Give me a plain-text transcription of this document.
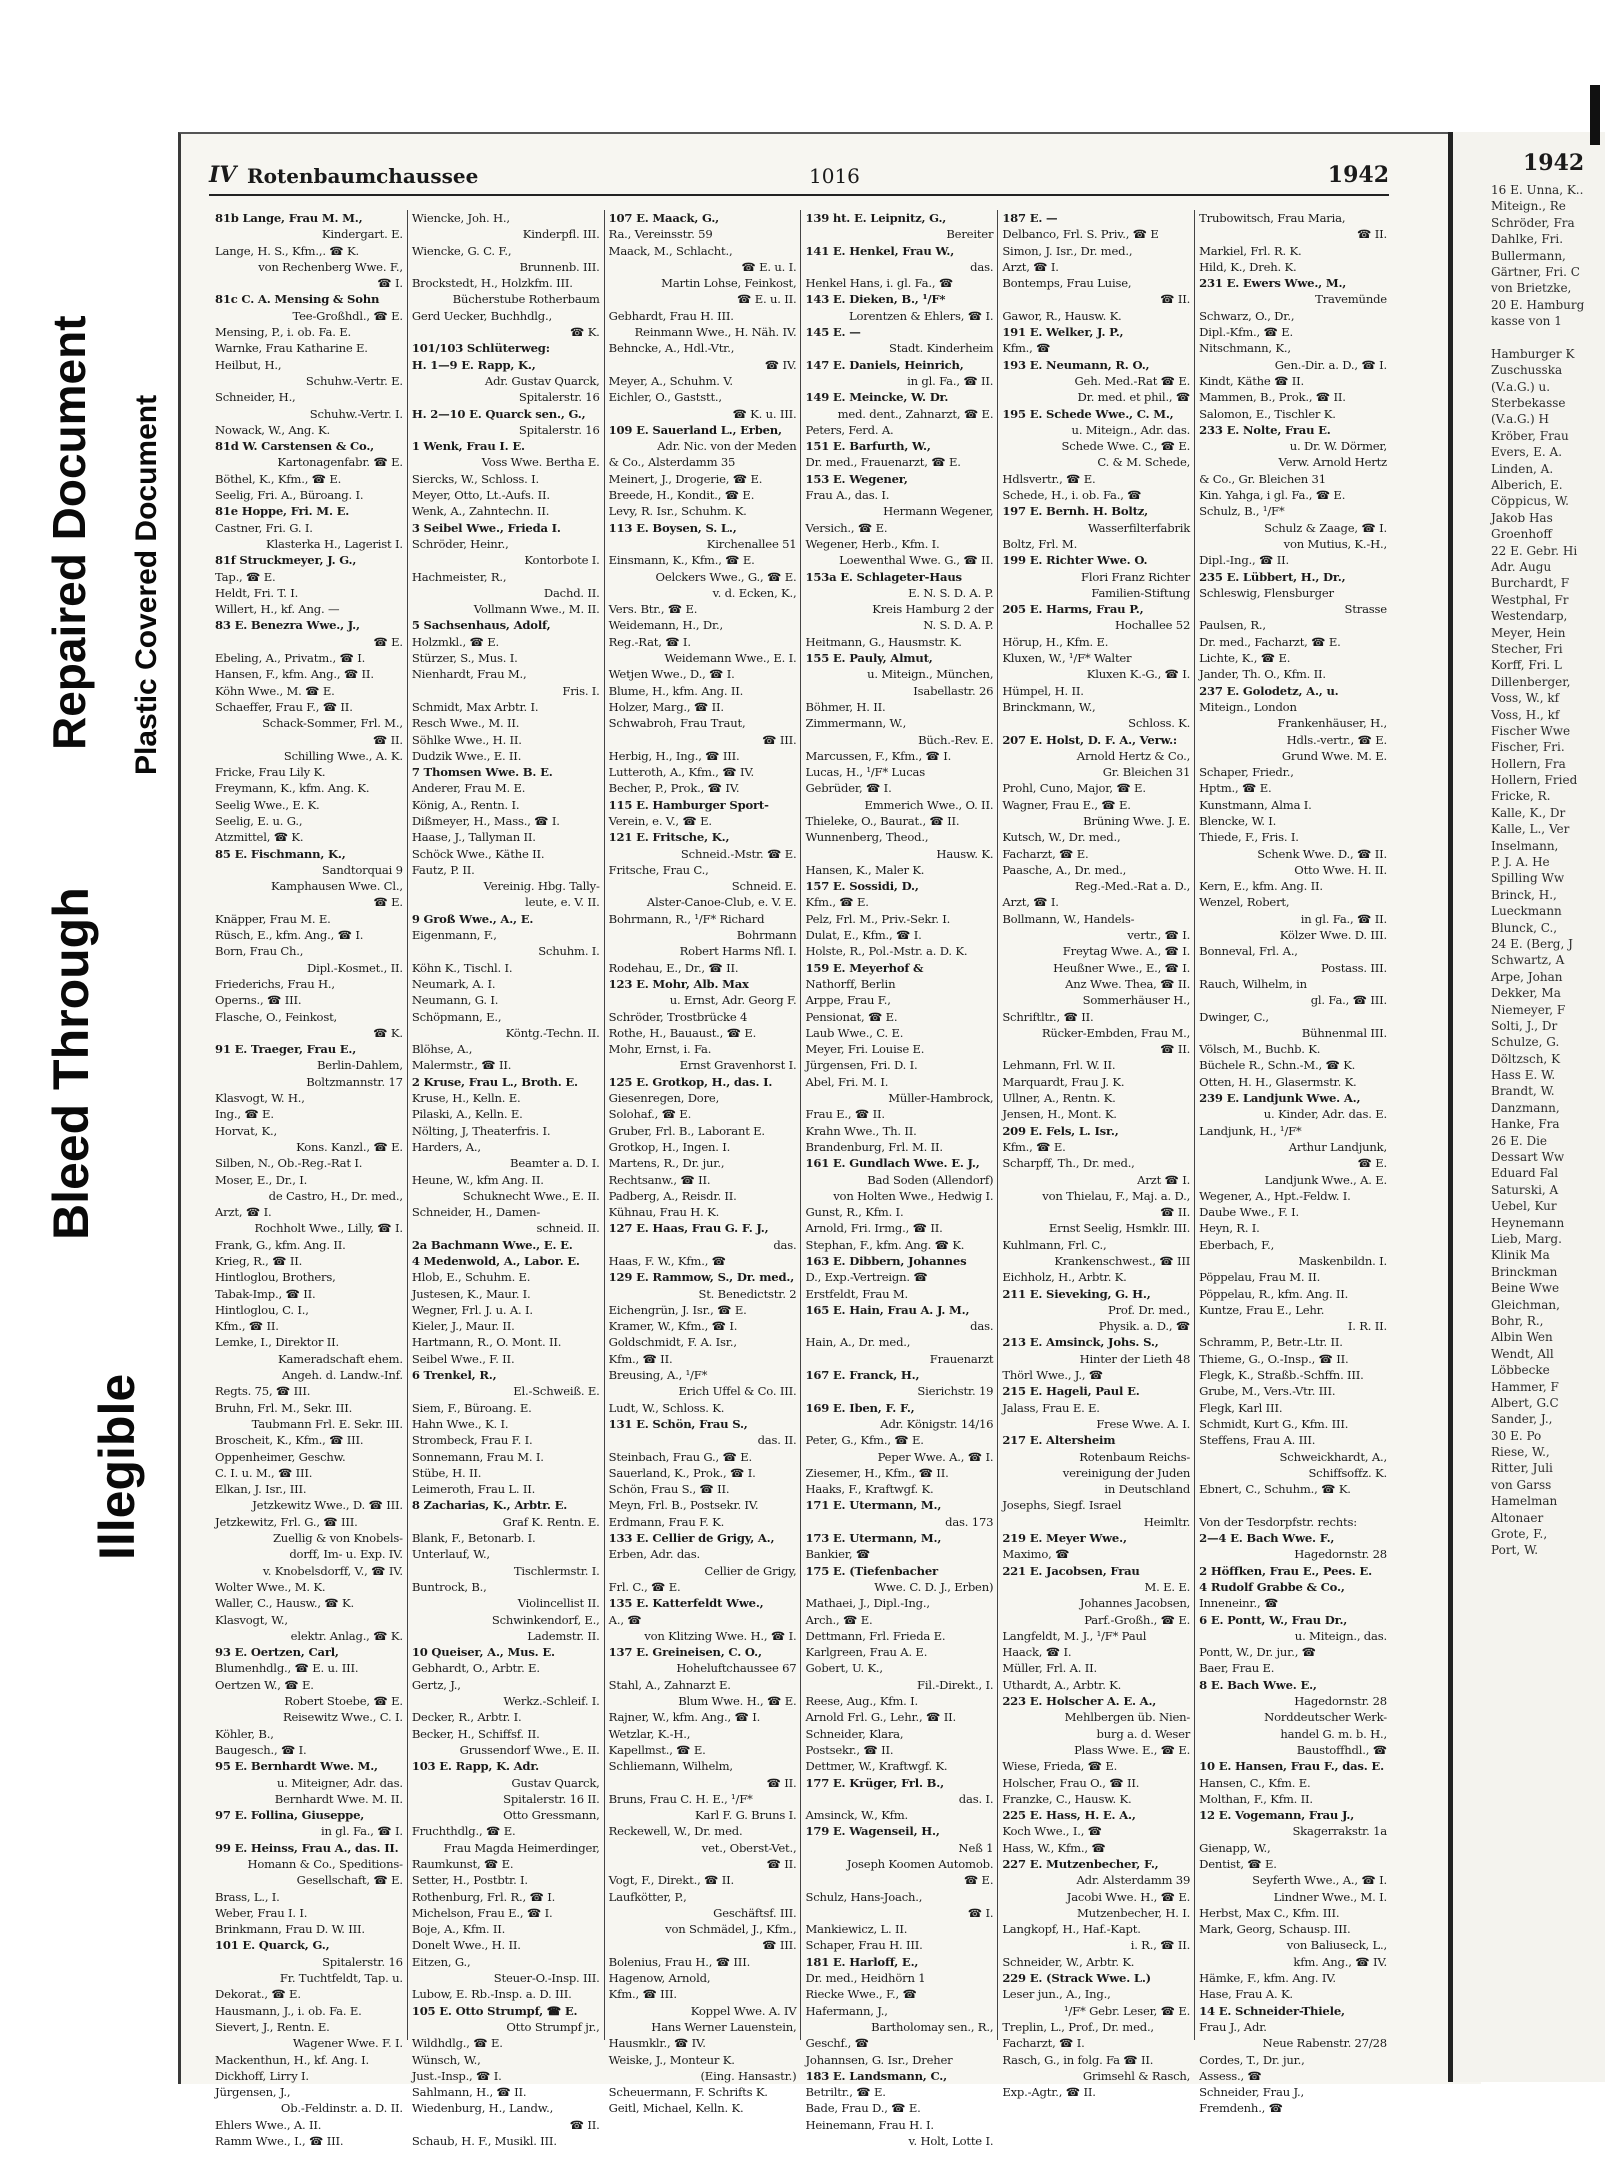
Illegible
Bleed Through
Repaired Document Plastic Covered Document
IV Rotenbaumchaussee	1016	1942
81b Lange, Frau M. M.,
Kindergart. E.
Lange, H. S., Kfm.,. ☎ K.
von Rechenberg Wwe. F.,
☎ I.
81c C. A. Mensing & Sohn
Tee-Großhdl., ☎ E.
Mensing, P., i. ob. Fa. E.
Warnke, Frau Katharine E.
Heilbut, H.,
Schuhw.-Vertr. E.
Schneider, H.,
Schuhw.-Vertr. I.
Nowack, W., Ang. K.
81d W. Carstensen & Co.,
Kartonagenfabr. ☎ E.
Böthel, K., Kfm., ☎ E.
Seelig, Fri. A., Büroang. I.
81e Hoppe, Fri. M. E.
Castner, Fri. G. I.
Klasterka H., Lagerist I.
81f Struckmeyer, J. G.,
Tap., ☎ E.
Heldt, Fri. T. I.
Willert, H., kf. Ang. —
83 E. Benezra Wwe., J.,
☎ E.
Ebeling, A., Privatm., ☎ I.
Hansen, F., kfm. Ang., ☎ II.
Köhn Wwe., M. ☎ E.
Schaeffer, Frau F., ☎ II.
Schack-Sommer, Frl. M.,
☎ II.
Schilling Wwe., A. K.
Fricke, Frau Lily K.
Freymann, K., kfm. Ang. K.
Seelig Wwe., E. K.
Seelig, E. u. G.,
Atzmittel, ☎ K.
85 E. Fischmann, K.,
Sandtorquai 9
Kamphausen Wwe. Cl.,
☎ E.
Knäpper, Frau M. E.
Rüsch, E., kfm. Ang., ☎ I.
Born, Frau Ch.,
Dipl.-Kosmet., II.
Friederichs, Frau H.,
Operns., ☎ III.
Flasche, O., Feinkost,
☎ K.
91 E. Traeger, Frau E.,
Berlin-Dahlem,
Boltzmannstr. 17
Klasvogt, W. H.,
Ing., ☎ E.
Horvat, K.,
Kons. Kanzl., ☎ E.
Silben, N., Ob.-Reg.-Rat I.
Moser, E., Dr., I.
de Castro, H., Dr. med.,
Arzt, ☎ I.
Rochholt Wwe., Lilly, ☎ I.
Frank, G., kfm. Ang. II.
Krieg, R., ☎ II.
Hintloglou, Brothers,
Tabak-Imp., ☎ II.
Hintloglou, C. I.,
Kfm., ☎ II.
Lemke, I., Direktor II.
Kameradschaft ehem.
Angeh. d. Landw.-Inf.
Regts. 75, ☎ III.
Bruhn, Frl. M., Sekr. III.
Taubmann Frl. E. Sekr. III.
Broscheit, K., Kfm., ☎ III.
Oppenheimer, Geschw.
C. I. u. M., ☎ III.
Elkan, J. Isr., III.
Jetzkewitz Wwe., D. ☎ III.
Jetzkewitz, Frl. G., ☎ III.
Zuellig & von Knobels-
dorff, Im- u. Exp. IV.
v. Knobelsdorff, V., ☎ IV.
Wolter Wwe., M. K.
Waller, C., Hausw., ☎ K.
Klasvogt, W.,
elektr. Anlag., ☎ K.
93 E. Oertzen, Carl,
Blumenhdlg., ☎ E. u. III.
Oertzen W., ☎ E.
Robert Stoebe, ☎ E.
Reisewitz Wwe., C. I.
Köhler, B.,
Baugesch., ☎ I.
95 E. Bernhardt Wwe. M.,
u. Miteigner, Adr. das.
Bernhardt Wwe. M. II.
97 E. Follina, Giuseppe,
in gl. Fa., ☎ I.
99 E. Heinss, Frau A., das. II.
Homann & Co., Speditions-
Gesellschaft, ☎ E.
Brass, L., I.
Weber, Frau I. I.
Brinkmann, Frau D. W. III.
101 E. Quarck, G.,
Spitalerstr. 16
Fr. Tuchtfeldt, Tap. u.
Dekorat., ☎ E.
Hausmann, J., i. ob. Fa. E.
Sievert, J., Rentn. E.
Wagener Wwe. F. I.
Mackenthun, H., kf. Ang. I.
Dickhoff, Lirry I.
Jürgensen, J.,
Ob.-Feldinstr. a. D. II.
Ehlers Wwe., A. II.
Ramm Wwe., I., ☎ III.
Wiencke, Joh. H.,
Kinderpfl. III.
Wiencke, G. C. F.,
Brunnenb. III.
Brockstedt, H., Holzkfm. III.
Bücherstube Rotherbaum
Gerd Uecker, Buchhdlg.,
☎ K.
101/103 Schlüterweg:
H. 1—9 E. Rapp, K.,
Adr. Gustav Quarck,
Spitalerstr. 16
H. 2—10 E. Quarck sen., G.,
Spitalerstr. 16
1 Wenk, Frau I. E.
Voss Wwe. Bertha E.
Siercks, W., Schloss. I.
Meyer, Otto, Lt.-Aufs. II.
Wenk, A., Zahntechn. II.
3 Seibel Wwe., Frieda I.
Schröder, Heinr.,
Kontorbote I.
Hachmeister, R.,
Dachd. II.
Vollmann Wwe., M. II.
5 Sachsenhaus, Adolf,
Holzmkl., ☎ E.
Stürzer, S., Mus. I.
Nienhardt, Frau M.,
Fris. I.
Schmidt, Max Arbtr. I.
Resch Wwe., M. II.
Söhlke Wwe., H. II.
Dudzik Wwe., E. II.
7 Thomsen Wwe. B. E.
Anderer, Frau M. E.
König, A., Rentn. I.
Dißmeyer, H., Mass., ☎ I.
Haase, J., Tallyman II.
Schöck Wwe., Käthe II.
Fautz, P. II.
Vereinig. Hbg. Tally-
leute, e. V. II.
9 Groß Wwe., A., E.
Eigenmann, F.,
Schuhm. I.
Köhn K., Tischl. I.
Neumark, A. I.
Neumann, G. I.
Schöpmann, E.,
Köntg.-Techn. II.
Blöhse, A.,
Malermstr., ☎ II.
2 Kruse, Frau L., Broth. E.
Kruse, H., Kelln. E.
Pilaski, A., Kelln. E.
Nölting, J, Theaterfris. I.
Harders, A.,
Beamter a. D. I.
Heune, W., kfm Ang. II.
Schuknecht Wwe., E. II.
Schneider, H., Damen-
schneid. II.
2a Bachmann Wwe., E. E.
4 Medenwold, A., Labor. E.
Hlob, E., Schuhm. E.
Justesen, K., Maur. I.
Wegner, Frl. J. u. A. I.
Kieler, J., Maur. II.
Hartmann, R., O. Mont. II.
Seibel Wwe., F. II.
6 Trenkel, R.,
El.-Schweiß. E.
Siem, F., Büroang. E.
Hahn Wwe., K. I.
Strombeck, Frau F. I.
Sonnemann, Frau M. I.
Stübe, H. II.
Leimeroth, Frau L. II.
8 Zacharias, K., Arbtr. E.
Graf K. Rentn. E.
Blank, F., Betonarb. I.
Unterlauf, W.,
Tischlermstr. I.
Buntrock, B.,
Violincellist II.
Schwinkendorf, E.,
Lademstr. II.
10 Queiser, A., Mus. E.
Gebhardt, O., Arbtr. E.
Gertz, J.,
Werkz.-Schleif. I.
Decker, R., Arbtr. I.
Becker, H., Schiffsf. II.
Grussendorf Wwe., E. II.
103 E. Rapp, K. Adr.
Gustav Quarck,
Spitalerstr. 16 II.
Otto Gressmann,
Fruchthdlg., ☎ E.
Frau Magda Heimerdinger,
Raumkunst, ☎ E.
Setter, H., Postbtr. I.
Rothenburg, Frl. R., ☎ I.
Michelson, Frau E., ☎ I.
Boje, A., Kfm. II.
Donelt Wwe., H. II.
Eitzen, G.,
Steuer-O.-Insp. III.
Lubow, E. Rb.-Insp. a. D. III.
105 E. Otto Strumpf, ☎ E.
Otto Strumpf jr.,
Wildhdlg., ☎ E.
Wünsch, W.,
Just.-Insp., ☎ I.
Sahlmann, H., ☎ II.
Wiedenburg, H., Landw.,
☎ II.
Schaub, H. F., Musikl. III.
107 E. Maack, G.,
Ra., Vereinsstr. 59
Maack, M., Schlacht.,
☎ E. u. I.
Martin Lohse, Feinkost,
☎ E. u. II.
Gebhardt, Frau H. III.
Reinmann Wwe., H. Näh. IV.
Behncke, A., Hdl.-Vtr.,
☎ IV.
Meyer, A., Schuhm. V.
Eichler, O., Gaststt.,
☎ K. u. III.
109 E. Sauerland L., Erben,
Adr. Nic. von der Meden
& Co., Alsterdamm 35
Meinert, J., Drogerie, ☎ E.
Breede, H., Kondit., ☎ E.
Levy, R. Isr., Schuhm. K.
113 E. Boysen, S. L.,
Kirchenallee 51
Einsmann, K., Kfm., ☎ E.
Oelckers Wwe., G., ☎ E.
v. d. Ecken, K.,
Vers. Btr., ☎ E.
Weidemann, H., Dr.,
Reg.-Rat, ☎ I.
Weidemann Wwe., E. I.
Wetjen Wwe., D., ☎ I.
Blume, H., kfm. Ang. II.
Holzer, Marg., ☎ II.
Schwabroh, Frau Traut,
☎ III.
Herbig, H., Ing., ☎ III.
Lutteroth, A., Kfm., ☎ IV.
Becher, P., Prok., ☎ IV.
115 E. Hamburger Sport-
Verein, e. V., ☎ E.
121 E. Fritsche, K.,
Schneid.-Mstr. ☎ E.
Fritsche, Frau C.,
Schneid. E.
Alster-Canoe-Club, e. V. E.
Bohrmann, R., ¹/F* Richard
Bohrmann
Robert Harms Nfl. I.
Rodehau, E., Dr., ☎ II.
123 E. Mohr, Alb. Max
u. Ernst, Adr. Georg F.
Schröder, Trostbrücke 4
Rothe, H., Bauaust., ☎ E.
Mohr, Ernst, i. Fa.
Ernst Gravenhorst I.
125 E. Grotkop, H., das. I.
Giesenregen, Dore,
Solohaf., ☎ E.
Gruber, Frl. B., Laborant E.
Grotkop, H., Ingen. I.
Martens, R., Dr. jur.,
Rechtsanw., ☎ II.
Padberg, A., Reisdr. II.
Kühnau, Frau H. K.
127 E. Haas, Frau G. F. J.,
das.
Haas, F. W., Kfm., ☎
129 E. Rammow, S., Dr. med.,
St. Benedictstr. 2
Eichengrün, J. Isr., ☎ E.
Kramer, W., Kfm., ☎ I.
Goldschmidt, F. A. Isr.,
Kfm., ☎ II.
Breusing, A., ¹/F*
Erich Uffel & Co. III.
Ludt, W., Schloss. K.
131 E. Schön, Frau S.,
das. II.
Steinbach, Frau G., ☎ E.
Sauerland, K., Prok., ☎ I.
Schön, Frau S., ☎ II.
Meyn, Frl. B., Postsekr. IV.
Erdmann, Frau F. K.
133 E. Cellier de Grigy, A.,
Erben, Adr. das.
Cellier de Grigy,
Frl. C., ☎ E.
135 E. Katterfeldt Wwe.,
A., ☎
von Klitzing Wwe. H., ☎ I.
137 E. Greineisen, C. O.,
Hoheluftchaussee 67
Stahl, A., Zahnarzt E.
Blum Wwe. H., ☎ E.
Rajner, W., kfm. Ang., ☎ I.
Wetzlar, K.-H.,
Kapellmst., ☎ E.
Schliemann, Wilhelm,
☎ II.
Bruns, Frau C. H. E., ¹/F*
Karl F. G. Bruns I.
Reckewell, W., Dr. med.
vet., Oberst-Vet.,
☎ II.
Vogt, F., Direkt., ☎ II.
Laufkötter, P.,
Geschäftsf. III.
von Schmädel, J., Kfm.,
☎ III.
Bolenius, Frau H., ☎ III.
Hagenow, Arnold,
Kfm., ☎ III.
Koppel Wwe. A. IV
Hans Werner Lauenstein,
Hausmklr., ☎ IV.
Weiske, J., Monteur K.
(Eing. Hansastr.)
Scheuermann, F. Schrifts K.
Geitl, Michael, Kelln. K.
139 ht. E. Leipnitz, G.,
Bereiter
141 E. Henkel, Frau W.,
das.
Henkel Hans, i. gl. Fa., ☎
143 E. Dieken, B., ¹/F*
Lorentzen & Ehlers, ☎ I.
145 E. —
Stadt. Kinderheim
147 E. Daniels, Heinrich,
in gl. Fa., ☎ II.
149 E. Meincke, W. Dr.
med. dent., Zahnarzt, ☎ E.
Peters, Ferd. A.
151 E. Barfurth, W.,
Dr. med., Frauenarzt, ☎ E.
153 E. Wegener,
Frau A., das. I.
Hermann Wegener,
Versich., ☎ E.
Wegener, Herb., Kfm. I.
Loewenthal Wwe. G., ☎ II.
153a E. Schlageter-Haus
E. N. S. D. A. P.
Kreis Hamburg 2 der
N. S. D. A. P.
Heitmann, G., Hausmstr. K.
155 E. Pauly, Almut,
u. Miteign., München,
Isabellastr. 26
Böhmer, H. II.
Zimmermann, W.,
Büch.-Rev. E.
Marcussen, F., Kfm., ☎ I.
Lucas, H., ¹/F* Lucas
Gebrüder, ☎ I.
Emmerich Wwe., O. II.
Thieleke, O., Baurat., ☎ II.
Wunnenberg, Theod.,
Hausw. K.
Hansen, K., Maler K.
157 E. Sossidi, D.,
Kfm., ☎ E.
Pelz, Frl. M., Priv.-Sekr. I.
Dulat, E., Kfm., ☎ I.
Holste, R., Pol.-Mstr. a. D. K.
159 E. Meyerhof &
Nathorff, Berlin
Arppe, Frau F.,
Pensionat, ☎ E.
Laub Wwe., C. E.
Meyer, Fri. Louise E.
Jürgensen, Fri. D. I.
Abel, Fri. M. I.
Müller-Hambrock,
Frau E., ☎ II.
Krahn Wwe., Th. II.
Brandenburg, Frl. M. II.
161 E. Gundlach Wwe. E. J.,
Bad Soden (Allendorf)
von Holten Wwe., Hedwig I.
Gunst, R., Kfm. I.
Arnold, Fri. Irmg., ☎ II.
Stephan, F., kfm. Ang. ☎ K.
163 E. Dibbern, Johannes
D., Exp.-Vertreign. ☎
Erstfeldt, Frau M.
165 E. Hain, Frau A. J. M.,
das.
Hain, A., Dr. med.,
Frauenarzt
167 E. Franck, H.,
Sierichstr. 19
169 E. Iben, F. F.,
Adr. Königstr. 14/16
Peter, G., Kfm., ☎ E.
Peper Wwe. A., ☎ I.
Ziesemer, H., Kfm., ☎ II.
Haaks, F., Kraftwgf. K.
171 E. Utermann, M.,
das. 173
173 E. Utermann, M.,
Bankier, ☎
175 E. (Tiefenbacher
Wwe. C. D. J., Erben)
Mathaei, J., Dipl.-Ing.,
Arch., ☎ E.
Dettmann, Frl. Frieda E.
Karlgreen, Frau A. E.
Gobert, U. K.,
Fil.-Direkt., I.
Reese, Aug., Kfm. I.
Arnold Frl. G., Lehr., ☎ II.
Schneider, Klara,
Postsekr., ☎ II.
Dettmer, W., Kraftwgf. K.
177 E. Krüger, Frl. B.,
das. I.
Amsinck, W., Kfm.
179 E. Wagenseil, H.,
Neß 1
Joseph Koomen Automob.
☎ E.
Schulz, Hans-Joach.,
☎ I.
Mankiewicz, L. II.
Schaper, Frau H. III.
181 E. Harloff, E.,
Dr. med., Heidhörn 1
Riecke Wwe., F., ☎
Hafermann, J.,
Bartholomay sen., R.,
Geschf., ☎
Johannsen, G. Isr., Dreher
183 E. Landsmann, C.,
Betriltr., ☎ E.
Bade, Frau D., ☎ E.
Heinemann, Frau H. I.
v. Holt, Lotte I.
187 E. —
Delbanco, Frl. S. Priv., ☎ E
Simon, J. Isr., Dr. med.,
Arzt, ☎ I.
Bontemps, Frau Luise,
☎ II.
Gawor, R., Hausw. K.
191 E. Welker, J. P.,
Kfm., ☎
193 E. Neumann, R. O.,
Geh. Med.-Rat ☎ E.
Dr. med. et phil., ☎
195 E. Schede Wwe., C. M.,
u. Miteign., Adr. das.
Schede Wwe. C., ☎ E.
C. & M. Schede,
Hdlsvertr., ☎ E.
Schede, H., i. ob. Fa., ☎
197 E. Bernh. H. Boltz,
Wasserfilterfabrik
Boltz, Frl. M.
199 E. Richter Wwe. O.
Flori Franz Richter
Familien-Stiftung
205 E. Harms, Frau P.,
Hochallee 52
Hörup, H., Kfm. E.
Kluxen, W., ¹/F* Walter
Kluxen K.-G., ☎ I.
Hümpel, H. II.
Brinckmann, W.,
Schloss. K.
207 E. Holst, D. F. A., Verw.:
Arnold Hertz & Co.,
Gr. Bleichen 31
Prohl, Cuno, Major, ☎ E.
Wagner, Frau E., ☎ E.
Brüning Wwe. J. E.
Kutsch, W., Dr. med.,
Facharzt, ☎ E.
Paasche, A., Dr. med.,
Reg.-Med.-Rat a. D.,
Arzt, ☎ I.
Bollmann, W., Handels-
vertr., ☎ I.
Freytag Wwe. A., ☎ I.
Heußner Wwe., E., ☎ I.
Anz Wwe. Thea, ☎ II.
Sommerhäuser H.,
Schriftltr., ☎ II.
Rücker-Embden, Frau M.,
☎ II.
Lehmann, Frl. W. II.
Marquardt, Frau J. K.
Ullner, A., Rentn. K.
Jensen, H., Mont. K.
209 E. Fels, L. Isr.,
Kfm., ☎ E.
Scharpff, Th., Dr. med.,
Arzt ☎ I.
von Thielau, F., Maj. a. D.,
☎ II.
Ernst Seelig, Hsmklr. III.
Kuhlmann, Frl. C.,
Krankenschwest., ☎ III
Eichholz, H., Arbtr. K.
211 E. Sieveking, G. H.,
Prof. Dr. med.,
Physik. a. D., ☎
213 E. Amsinck, Johs. S.,
Hinter der Lieth 48
Thörl Wwe., J., ☎
215 E. Hageli, Paul E.
Jalass, Frau E. E.
Frese Wwe. A. I.
217 E. Altersheim
Rotenbaum Reichs-
vereinigung der Juden
in Deutschland
Josephs, Siegf. Israel
Heimltr.
219 E. Meyer Wwe.,
Maximo, ☎
221 E. Jacobsen, Frau
M. E. E.
Johannes Jacobsen,
Parf.-Großh., ☎ E.
Langfeldt, M. J., ¹/F* Paul
Haack, ☎ I.
Müller, Frl. A. II.
Uthardt, A., Arbtr. K.
223 E. Holscher A. E. A.,
Mehlbergen üb. Nien-
burg a. d. Weser
Plass Wwe. E., ☎ E.
Wiese, Frieda, ☎ E.
Holscher, Frau O., ☎ II.
Franzke, C., Hausw. K.
225 E. Hass, H. E. A.,
Koch Wwe., I., ☎
Hass, W., Kfm., ☎
227 E. Mutzenbecher, F.,
Adr. Alsterdamm 39
Jacobi Wwe. H., ☎ E.
Mutzenbecher, H. I.
Langkopf, H., Haf.-Kapt.
i. R., ☎ II.
Schneider, W., Arbtr. K.
229 E. (Strack Wwe. L.)
Leser jun., A., Ing.,
¹/F* Gebr. Leser, ☎ E.
Treplin, L., Prof., Dr. med.,
Facharzt, ☎ I.
Rasch, G., in folg. Fa ☎ II.
Grimsehl & Rasch,
Exp.-Agtr., ☎ II.
Trubowitsch, Frau Maria,
☎ II.
Markiel, Frl. R. K.
Hild, K., Dreh. K.
231 E. Ewers Wwe., M.,
Travemünde
Schwarz, O., Dr.,
Dipl.-Kfm., ☎ E.
Nitschmann, K.,
Gen.-Dir. a. D., ☎ I.
Kindt, Käthe ☎ II.
Mammen, B., Prok., ☎ II.
Salomon, E., Tischler K.
233 E. Nolte, Frau E.
u. Dr. W. Dörmer,
Verw. Arnold Hertz
& Co., Gr. Bleichen 31
Kin. Yahga, i gl. Fa., ☎ E.
Schulz, B., ¹/F*
Schulz & Zaage, ☎ I.
von Mutius, K.-H.,
Dipl.-Ing., ☎ II.
235 E. Lübbert, H., Dr.,
Schleswig, Flensburger
Strasse
Paulsen, R.,
Dr. med., Facharzt, ☎ E.
Lichte, K., ☎ E.
Jander, Th. O., Kfm. II.
237 E. Golodetz, A., u.
Miteign., London
Frankenhäuser, H.,
Hdls.-vertr., ☎ E.
Grund Wwe. M. E.
Schaper, Friedr.,
Hptm., ☎ E.
Kunstmann, Alma I.
Blencke, W. I.
Thiede, F., Fris. I.
Schenk Wwe. D., ☎ II.
Otto Wwe. H. II.
Kern, E., kfm. Ang. II.
Wenzel, Robert,
in gl. Fa., ☎ II.
Kölzer Wwe. D. III.
Bonneval, Frl. A.,
Postass. III.
Rauch, Wilhelm, in
gl. Fa., ☎ III.
Dwinger, C.,
Bühnenmal III.
Völsch, M., Buchb. K.
Büchele R., Schn.-M., ☎ K.
Otten, H. H., Glasermstr. K.
239 E. Landjunk Wwe. A.,
u. Kinder, Adr. das. E.
Landjunk, H., ¹/F*
Arthur Landjunk,
☎ E.
Landjunk Wwe., A. E.
Wegener, A., Hpt.-Feldw. I.
Daube Wwe., F. I.
Heyn, R. I.
Eberbach, F.,
Maskenbildn. I.
Pöppelau, Frau M. II.
Pöppelau, R., kfm. Ang. II.
Kuntze, Frau E., Lehr.
I. R. II.
Schramm, P., Betr.-Ltr. II.
Thieme, G., O.-Insp., ☎ II.
Flegk, K., Straßb.-Schffn. III.
Grube, M., Vers.-Vtr. III.
Flegk, Karl III.
Schmidt, Kurt G., Kfm. III.
Steffens, Frau A. III.
Schweickhardt, A.,
Schiffsoffz. K.
Ebnert, C., Schuhm., ☎ K.
Von der Tesdorpfstr. rechts:
2—4 E. Bach Wwe. F.,
Hagedornstr. 28
2 Höffken, Frau E., Pees. E.
4 Rudolf Grabbe & Co.,
Inneneinr., ☎
6 E. Pontt, W., Frau Dr.,
u. Miteign., das.
Pontt, W., Dr. jur., ☎
Baer, Frau E.
8 E. Bach Wwe. E.,
Hagedornstr. 28
Norddeutscher Werk-
handel G. m. b. H.,
Baustoffhdl., ☎
10 E. Hansen, Frau F., das. E.
Hansen, C., Kfm. E.
Molthan, F., Kfm. II.
12 E. Vogemann, Frau J.,
Skagerrakstr. 1a
Gienapp, W.,
Dentist, ☎ E.
Seyferth Wwe., A., ☎ I.
Lindner Wwe., M. I.
Herbst, Max C., Kfm. III.
Mark, Georg, Schausp. III.
von Baliuseck, L.,
kfm. Ang., ☎ IV.
Hämke, F., kfm. Ang. IV.
Hase, Frau A. K.
14 E. Schneider-Thiele,
Frau J., Adr.
Neue Rabenstr. 27/28
Cordes, T., Dr. jur.,
Assess., ☎
Schneider, Frau J.,
Fremdenh., ☎
1942
16 E. Unna, K..
Miteign., Re
Schröder, Fra
Dahlke, Fri.
Bullermann,
Gärtner, Fri. C
von Brietzke,
20 E. Hamburg
kasse von 1
Hamburger K
Zuschusska
(V.a.G.) u.
Sterbekasse
(V.a.G.) H
Kröber, Frau
Evers, E. A.
Linden, A.
Alberich, E.
Cöppicus, W.
Jakob Has
Groenhoff
22 E. Gebr. Hi
Adr. Augu
Burchardt, F
Westphal, Fr
Westendarp,
Meyer, Hein
Stecher, Fri
Korff, Fri. L
Dillenberger,
Voss, W., kf
Voss, H., kf
Fischer Wwe
Fischer, Fri.
Hollern, Fra
Hollern, Fried
Fricke, R.
Kalle, K., Dr
Kalle, L., Ver
Inselmann,
P. J. A. He
Spilling Ww
Brinck, H.,
Lueckmann
Blunck, C.,
24 E. (Berg, J
Schwartz, A
Arpe, Johan
Dekker, Ma
Niemeyer, F
Solti, J., Dr
Schulze, G.
Döltzsch, K
Hass E. W.
Brandt, W.
Danzmann,
Hanke, Fra
26 E. Die
Dessart Ww
Eduard Fal
Saturski, A
Uebel, Kur
Heynemann
Lieb, Marg.
Klinik Ma
Brinckman
Beine Wwe
Gleichman,
Bohr, R.,
Albin Wen
Wendt, All
Löbbecke
Hammer, F
Albert, G.C
Sander, J.,
30 E. Po
Riese, W.,
Ritter, Juli
von Garss
Hamelman
Altonaer
Grote, F.,
Port, W.
